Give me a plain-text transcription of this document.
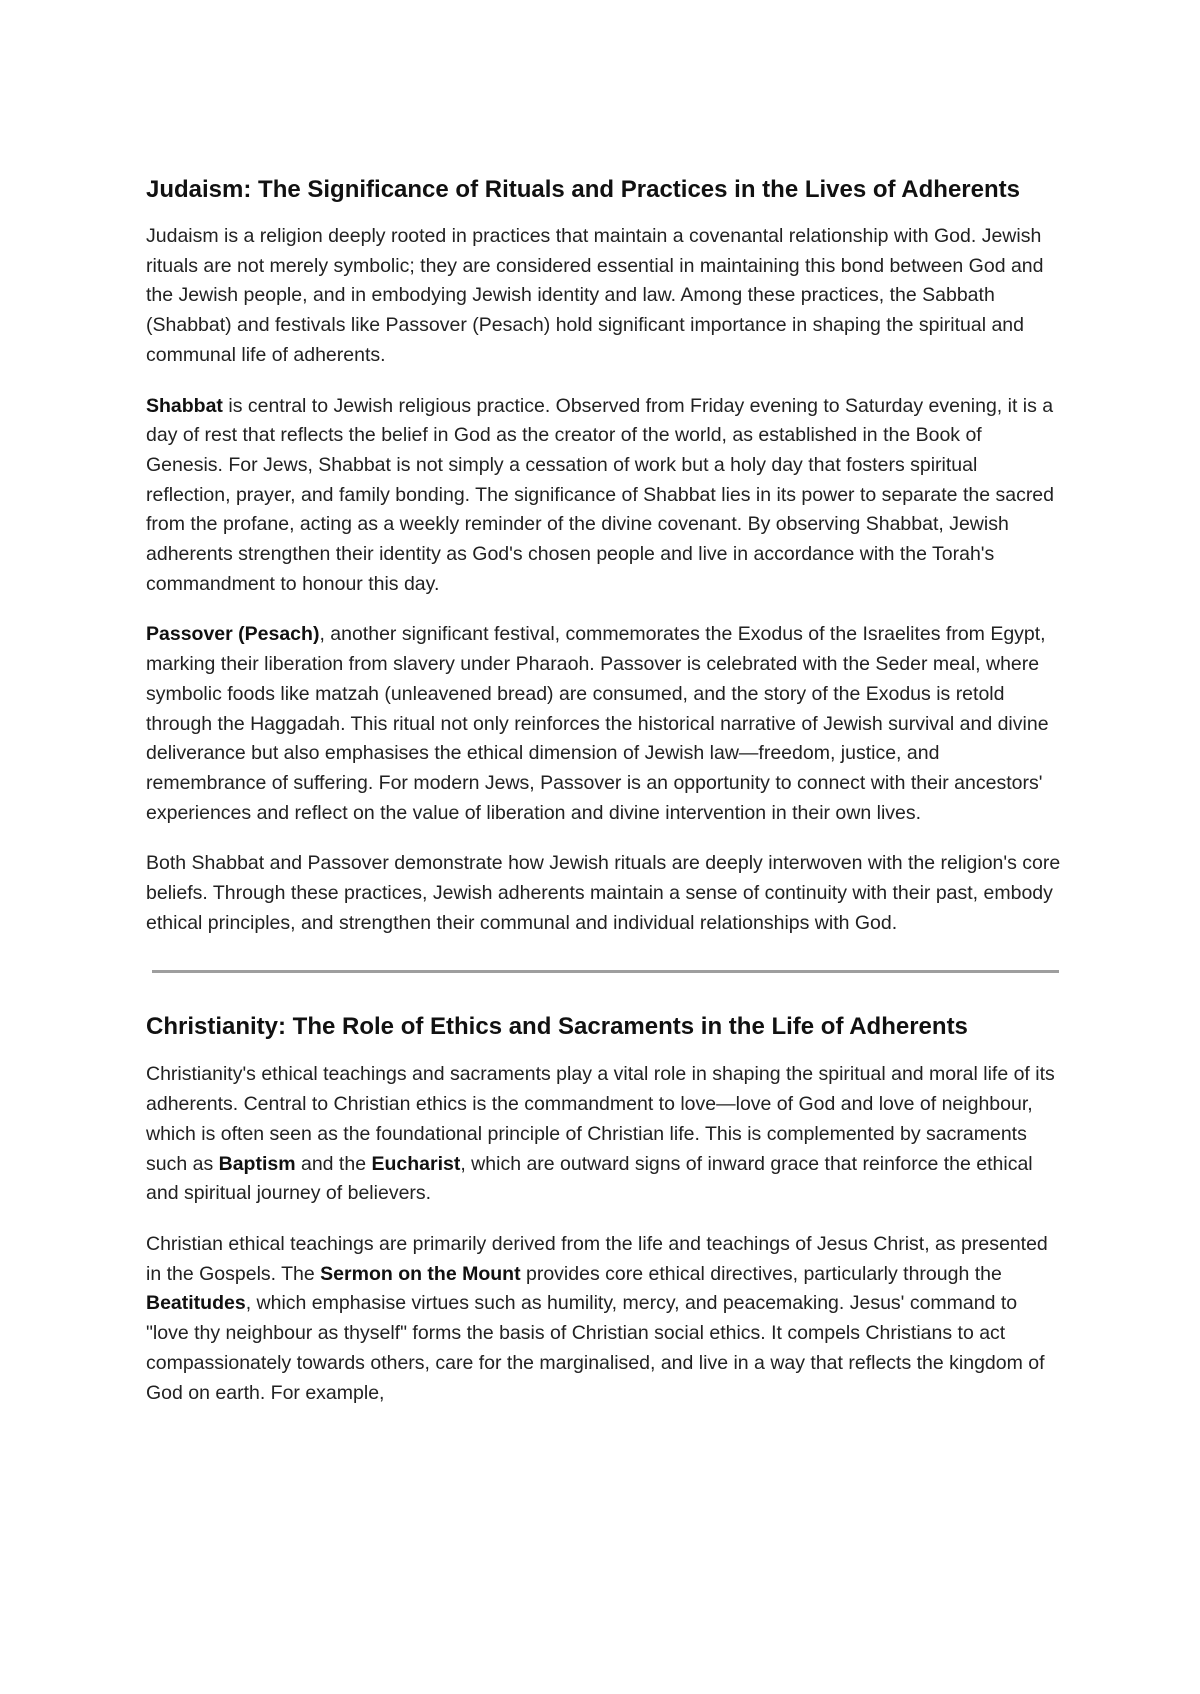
Judaism: The Significance of Rituals and Practices in the Lives of Adherents

Judaism is a religion deeply rooted in practices that maintain a covenantal relationship with God. Jewish rituals are not merely symbolic; they are considered essential in maintaining this bond between God and the Jewish people, and in embodying Jewish identity and law. Among these practices, the Sabbath (Shabbat) and festivals like Passover (Pesach) hold significant importance in shaping the spiritual and communal life of adherents.

Shabbat is central to Jewish religious practice. Observed from Friday evening to Saturday evening, it is a day of rest that reflects the belief in God as the creator of the world, as established in the Book of Genesis. For Jews, Shabbat is not simply a cessation of work but a holy day that fosters spiritual reflection, prayer, and family bonding. The significance of Shabbat lies in its power to separate the sacred from the profane, acting as a weekly reminder of the divine covenant. By observing Shabbat, Jewish adherents strengthen their identity as God's chosen people and live in accordance with the Torah's commandment to honour this day.

Passover (Pesach), another significant festival, commemorates the Exodus of the Israelites from Egypt, marking their liberation from slavery under Pharaoh. Passover is celebrated with the Seder meal, where symbolic foods like matzah (unleavened bread) are consumed, and the story of the Exodus is retold through the Haggadah. This ritual not only reinforces the historical narrative of Jewish survival and divine deliverance but also emphasises the ethical dimension of Jewish law—freedom, justice, and remembrance of suffering. For modern Jews, Passover is an opportunity to connect with their ancestors' experiences and reflect on the value of liberation and divine intervention in their own lives.

Both Shabbat and Passover demonstrate how Jewish rituals are deeply interwoven with the religion's core beliefs. Through these practices, Jewish adherents maintain a sense of continuity with their past, embody ethical principles, and strengthen their communal and individual relationships with God.

Christianity: The Role of Ethics and Sacraments in the Life of Adherents

Christianity's ethical teachings and sacraments play a vital role in shaping the spiritual and moral life of its adherents. Central to Christian ethics is the commandment to love—love of God and love of neighbour, which is often seen as the foundational principle of Christian life. This is complemented by sacraments such as Baptism and the Eucharist, which are outward signs of inward grace that reinforce the ethical and spiritual journey of believers.

Christian ethical teachings are primarily derived from the life and teachings of Jesus Christ, as presented in the Gospels. The Sermon on the Mount provides core ethical directives, particularly through the Beatitudes, which emphasise virtues such as humility, mercy, and peacemaking. Jesus' command to "love thy neighbour as thyself" forms the basis of Christian social ethics. It compels Christians to act compassionately towards others, care for the marginalised, and live in a way that reflects the kingdom of God on earth. For example,
